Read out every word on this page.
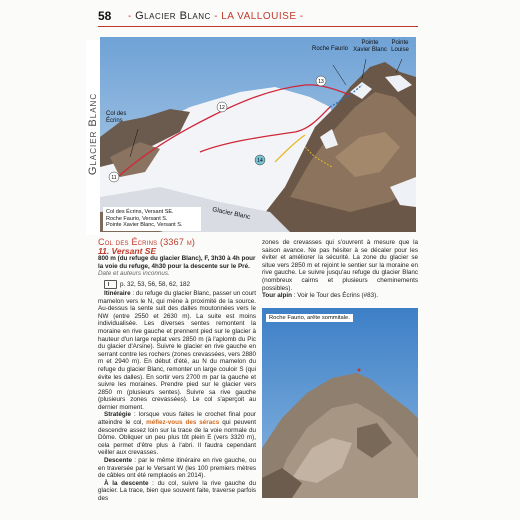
58 - Glacier Blanc - LA VALLOUISE -
Glacier Blanc
11
12
13
14
Glacier Blanc
Roche Faurio
Pointe
Xavier Blanc
Pointe
Louise
Col des
Écrins
Col des Écrins, Versant SE.
Roche Faurio, Versant S.
Pointe Xavier Blanc, Versant S.
Col des Écrins (3367 m)
11. Versant SE

800 m (du refuge du glacier Blanc), F, 3h30 à 4h pour la voie du refuge, 4h30 pour la descente sur le Pré.

Date et auteurs inconnus.

p. 32, 53, 56, 58, 62, 182

Itinéraire : du refuge du glacier Blanc, passer un court mamelon vers le N, qui mène à proximité de la source. Au-dessus la sente suit des dalles moutonnées vers le NW (entre 2550 et 2630 m). La suite est moins individualisée. Les diverses sentes remontent la moraine en rive gauche et prennent pied sur le glacier à hauteur d'un large replat vers 2850 m (à l'aplomb du Pic du glacier d'Arsine). Suivre le glacier en rive gauche en serrant contre les rochers (zones crevassées, vers 2880 m et 2940 m). En début d'été, au N du mamelon du refuge du glacier Blanc, remonter un large couloir S (qui évite les dalles). En sortir vers 2700 m par la gauche et suivre les moraines. Prendre pied sur le glacier vers 2850 m (plusieurs sentes). Suivre sa rive gauche (plusieurs zones crevassées). Le col s'aperçoit au dernier moment.

Stratégie : lorsque vous faites le crochet final pour atteindre le col, méfiez-vous des séracs qui peuvent descendre assez loin sur la trace de la voie normale du Dôme. Obliquer un peu plus tôt plein E (vers 3320 m), cela permet d'être plus à l'abri. Il faudra cependant veiller aux crevasses.

Descente : par le même itinéraire en rive gauche, ou en traversée par le Versant W (les 100 premiers mètres de câbles ont été remplacés en 2014).

À la descente : du col, suivre la rive gauche du glacier. La trace, bien que souvent faite, traverse parfois des

zones de crevasses qui s'ouvrent à mesure que la saison avance. Ne pas hésiter à se décaler pour les éviter et améliorer la sécurité. La zone du glacier se situe vers 2850 m et rejoint le sentier sur la moraine en rive gauche. Le suivre jusqu'au refuge du glacier Blanc (nombreux cairns et plusieurs cheminements possibles).

Tour alpin : Voir le Tour des Écrins (#83).

Roche Faurio, arête sommitale.
